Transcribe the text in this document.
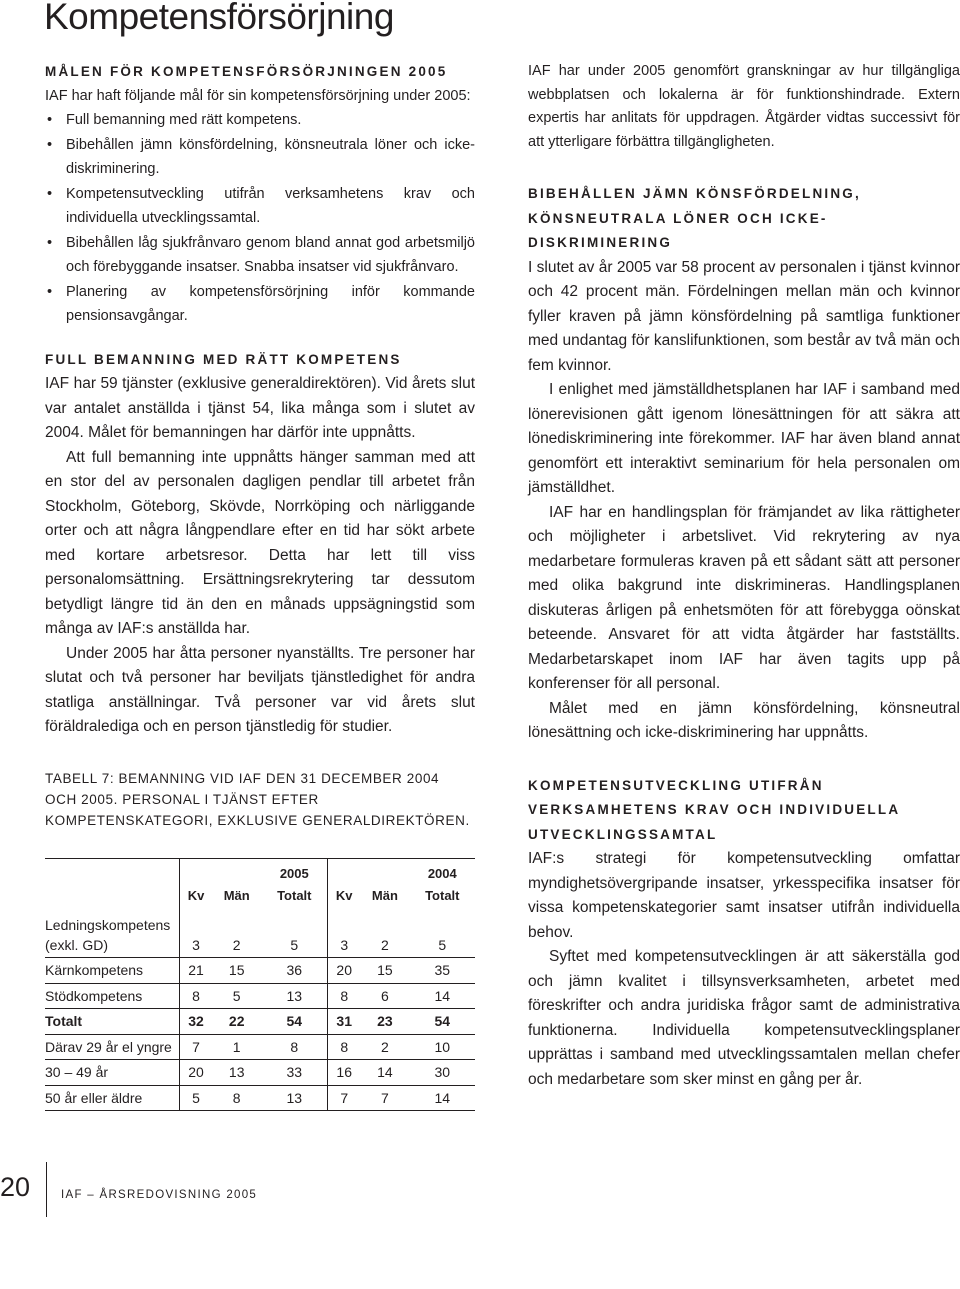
Kompetensförsörjning
MÅLEN FÖR KOMPETENSFÖRSÖRJNINGEN 2005

IAF har haft följande mål för sin kompetensförsörjning under 2005:

• Full bemanning med rätt kompetens.
• Bibehållen jämn könsfördelning, könsneutrala löner och icke-diskriminering.
• Kompetensutveckling utifrån verksamhetens krav och individuella utvecklingssamtal.
• Bibehållen låg sjukfrånvaro genom bland annat god arbetsmiljö och förebyggande insatser. Snabba insatser vid sjukfrånvaro.
• Planering av kompetensförsörjning inför kommande pensionsavgångar.
FULL BEMANNING MED RÄTT KOMPETENS

IAF har 59 tjänster (exklusive generaldirektören). Vid årets slut var antalet anställda i tjänst 54, lika många som i slutet av 2004. Målet för bemanningen har därför inte uppnåtts.

Att full bemanning inte uppnåtts hänger samman med att en stor del av personalen dagligen pendlar till arbetet från Stockholm, Göteborg, Skövde, Norrköping och närliggande orter och att några långpendlare efter en tid har sökt arbete med kortare arbetsresor. Detta har lett till viss personalomsättning. Ersättningsrekrytering tar dessutom betydligt längre tid än den en månads uppsägningstid som många av IAF:s anställda har.

Under 2005 har åtta personer nyanställts. Tre personer har slutat och två personer har beviljats tjänstledighet för andra statliga anställningar. Två personer var vid årets slut föräldralediga och en person tjänstledig för studier.

TABELL 7: BEMANNING VID IAF DEN 31 DECEMBER 2004 OCH 2005. PERSONAL I TJÄNST EFTER KOMPETENSKATEGORI, EXKLUSIVE GENERALDIREKTÖREN.
			2005			2004
	Kv	Män	Totalt	Kv	Män	Totalt
Ledningskompetens						
(exkl. GD)	3	2	5	3	2	5
Kärnkompetens	21	15	36	20	15	35
Stödkompetens	8	5	13	8	6	14
Totalt	32	22	54	31	23	54
Därav 29 år el yngre	7	1	8	8	2	10
30 – 49 år	20	13	33	16	14	30
50 år eller äldre	5	8	13	7	7	14

IAF har under 2005 genomfört granskningar av hur tillgängliga webbplatsen och lokalerna är för funktionshindrade. Extern expertis har anlitats för uppdragen. Åtgärder vidtas successivt för att ytterligare förbättra tillgängligheten.

BIBEHÅLLEN JÄMN KÖNSFÖRDELNING, KÖNSNEUTRALA LÖNER OCH ICKE-DISKRIMINERING

I slutet av år 2005 var 58 procent av personalen i tjänst kvinnor och 42 procent män. Fördelningen mellan män och kvinnor fyller kraven på jämn könsfördelning på samtliga funktioner med undantag för kanslifunktionen, som består av två män och fem kvinnor.

I enlighet med jämställdhetsplanen har IAF i samband med lönerevisionen gått igenom lönesättningen för att säkra att lönediskriminering inte förekommer. IAF har även bland annat genomfört ett interaktivt seminarium för hela personalen om jämställdhet.

IAF har en handlingsplan för främjandet av lika rättigheter och möjligheter i arbetslivet. Vid rekrytering av nya medarbetare formuleras kraven på ett sådant sätt att personer med olika bakgrund inte diskrimineras. Handlingsplanen diskuteras årligen på enhetsmöten för att förebygga oönskat beteende. Ansvaret för att vidta åtgärder har fastställts. Medarbetarskapet inom IAF har även tagits upp på konferenser för all personal.

Målet med en jämn könsfördelning, könsneutral lönesättning och icke-diskriminering har uppnåtts.

KOMPETENSUTVECKLING UTIFRÅN VERKSAMHETENS KRAV OCH INDIVIDUELLA UTVECKLINGSSAMTAL

IAF:s strategi för kompetensutveckling omfattar myndighetsövergripande insatser, yrkesspecifika insatser för vissa kompetenskategorier samt insatser utifrån individuella behov.

Syftet med kompetensutvecklingen är att säkerställa god och jämn kvalitet i tillsynsverksamheten, arbetet med föreskrifter och andra juridiska frågor samt de administrativa funktionerna. Individuella kompetensutvecklingsplaner upprättas i samband med utvecklingssamtalen mellan chefer och medarbetare som sker minst en gång per år.

20	IAF – ÅRSREDOVISNING 2005
